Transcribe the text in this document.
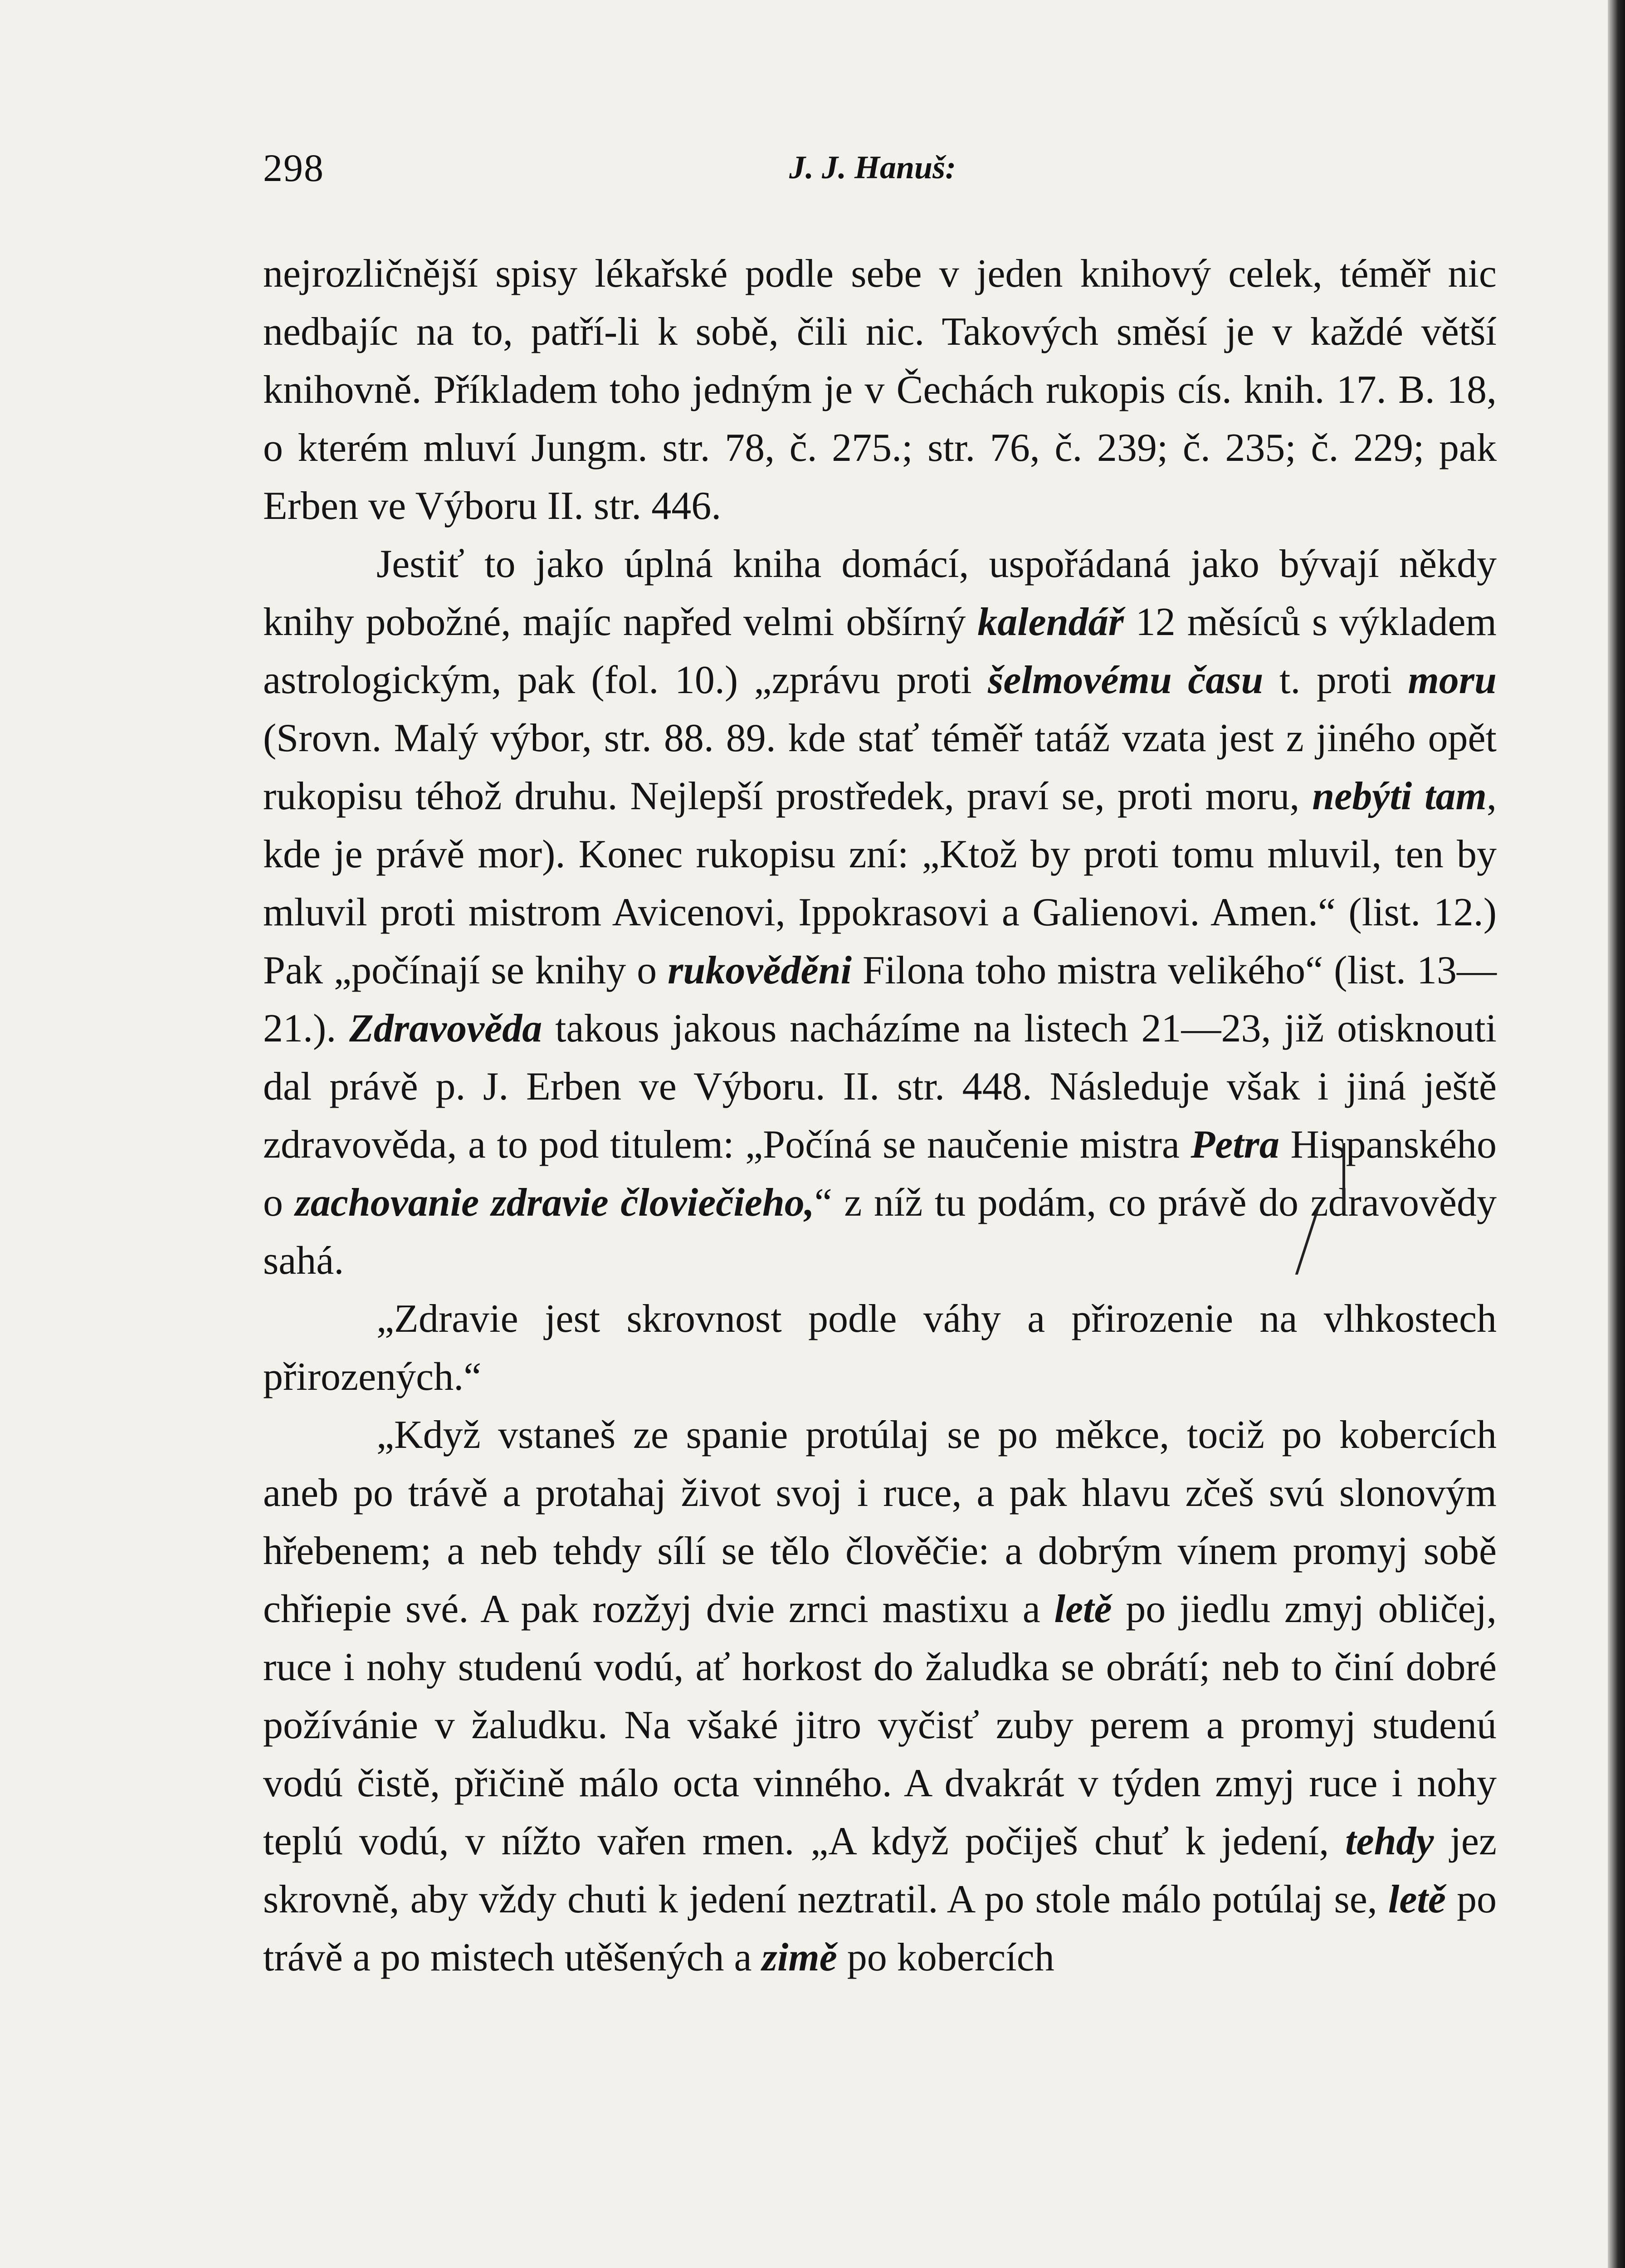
298	J. J. Hanuš:

nejrozličnější spisy lékařské podle sebe v jeden knihový celek, téměř nic nedbajíc na to, patří-li k sobě, čili nic. Takových směsí je v každé větší knihovně. Příkladem toho jedným je v Čechách rukopis cís. knih. 17. B. 18, o kterém mluví Jungm. str. 78, č. 275.; str. 76, č. 239; č. 235; č. 229; pak Erben ve Výboru II. str. 446.

Jestiť to jako úplná kniha domácí, uspořádaná jako bývají někdy knihy pobožné, majíc napřed velmi obšírný kalendář 12 měsíců s výkladem astrologickým, pak (fol. 10.) „zprávu proti šelmovému času t. proti moru (Srovn. Malý výbor, str. 88. 89. kde stať téměř tatáž vzata jest z jiného opět rukopisu téhož druhu. Nejlepší prostředek, praví se, proti moru, nebýti tam, kde je právě mor). Konec rukopisu zní: „Ktož by proti tomu mluvil, ten by mluvil proti mistrom Avicenovi, Ippokrasovi a Galienovi. Amen.“ (list. 12.) Pak „počínají se knihy o rukověděni Filona toho mistra velikého“ (list. 13—21.). Zdravověda takous jakous nacházíme na listech 21—23, již otisknouti dal právě p. J. Erben ve Výboru. II. str. 448. Následuje však i jiná ještě zdravověda, a to pod titulem: „Počíná se naučenie mistra Petra Hispanského o zachovanie zdravie človiečieho,“ z níž tu podám, co právě do zdravovědy sahá.

„Zdravie jest skrovnost podle váhy a přirozenie na vlhkostech přirozených.“

„Když vstaneš ze spanie protúlaj se po měkce, tociž po kobercích aneb po trávě a protahaj život svoj i ruce, a pak hlavu zčeš svú slonovým hřebenem; a neb tehdy sílí se tělo člověčie: a dobrým vínem promyj sobě chřiepie své. A pak rozžyj dvie zrnci mastixu a letě po jiedlu zmyj obličej, ruce i nohy studenú vodú, ať horkost do žaludka se obrátí; neb to činí dobré požívánie v žaludku. Na všaké jitro vyčisť zuby perem a promyj studenú vodú čistě, přičině málo octa vinného. A dvakrát v týden zmyj ruce i nohy teplú vodú, v nížto vařen rmen. „A když počiješ chuť k jedení, tehdy jez skrovně, aby vždy chuti k jedení neztratil. A po stole málo potúlaj se, letě po trávě a po mistech utěšených a zimě po kobercích
